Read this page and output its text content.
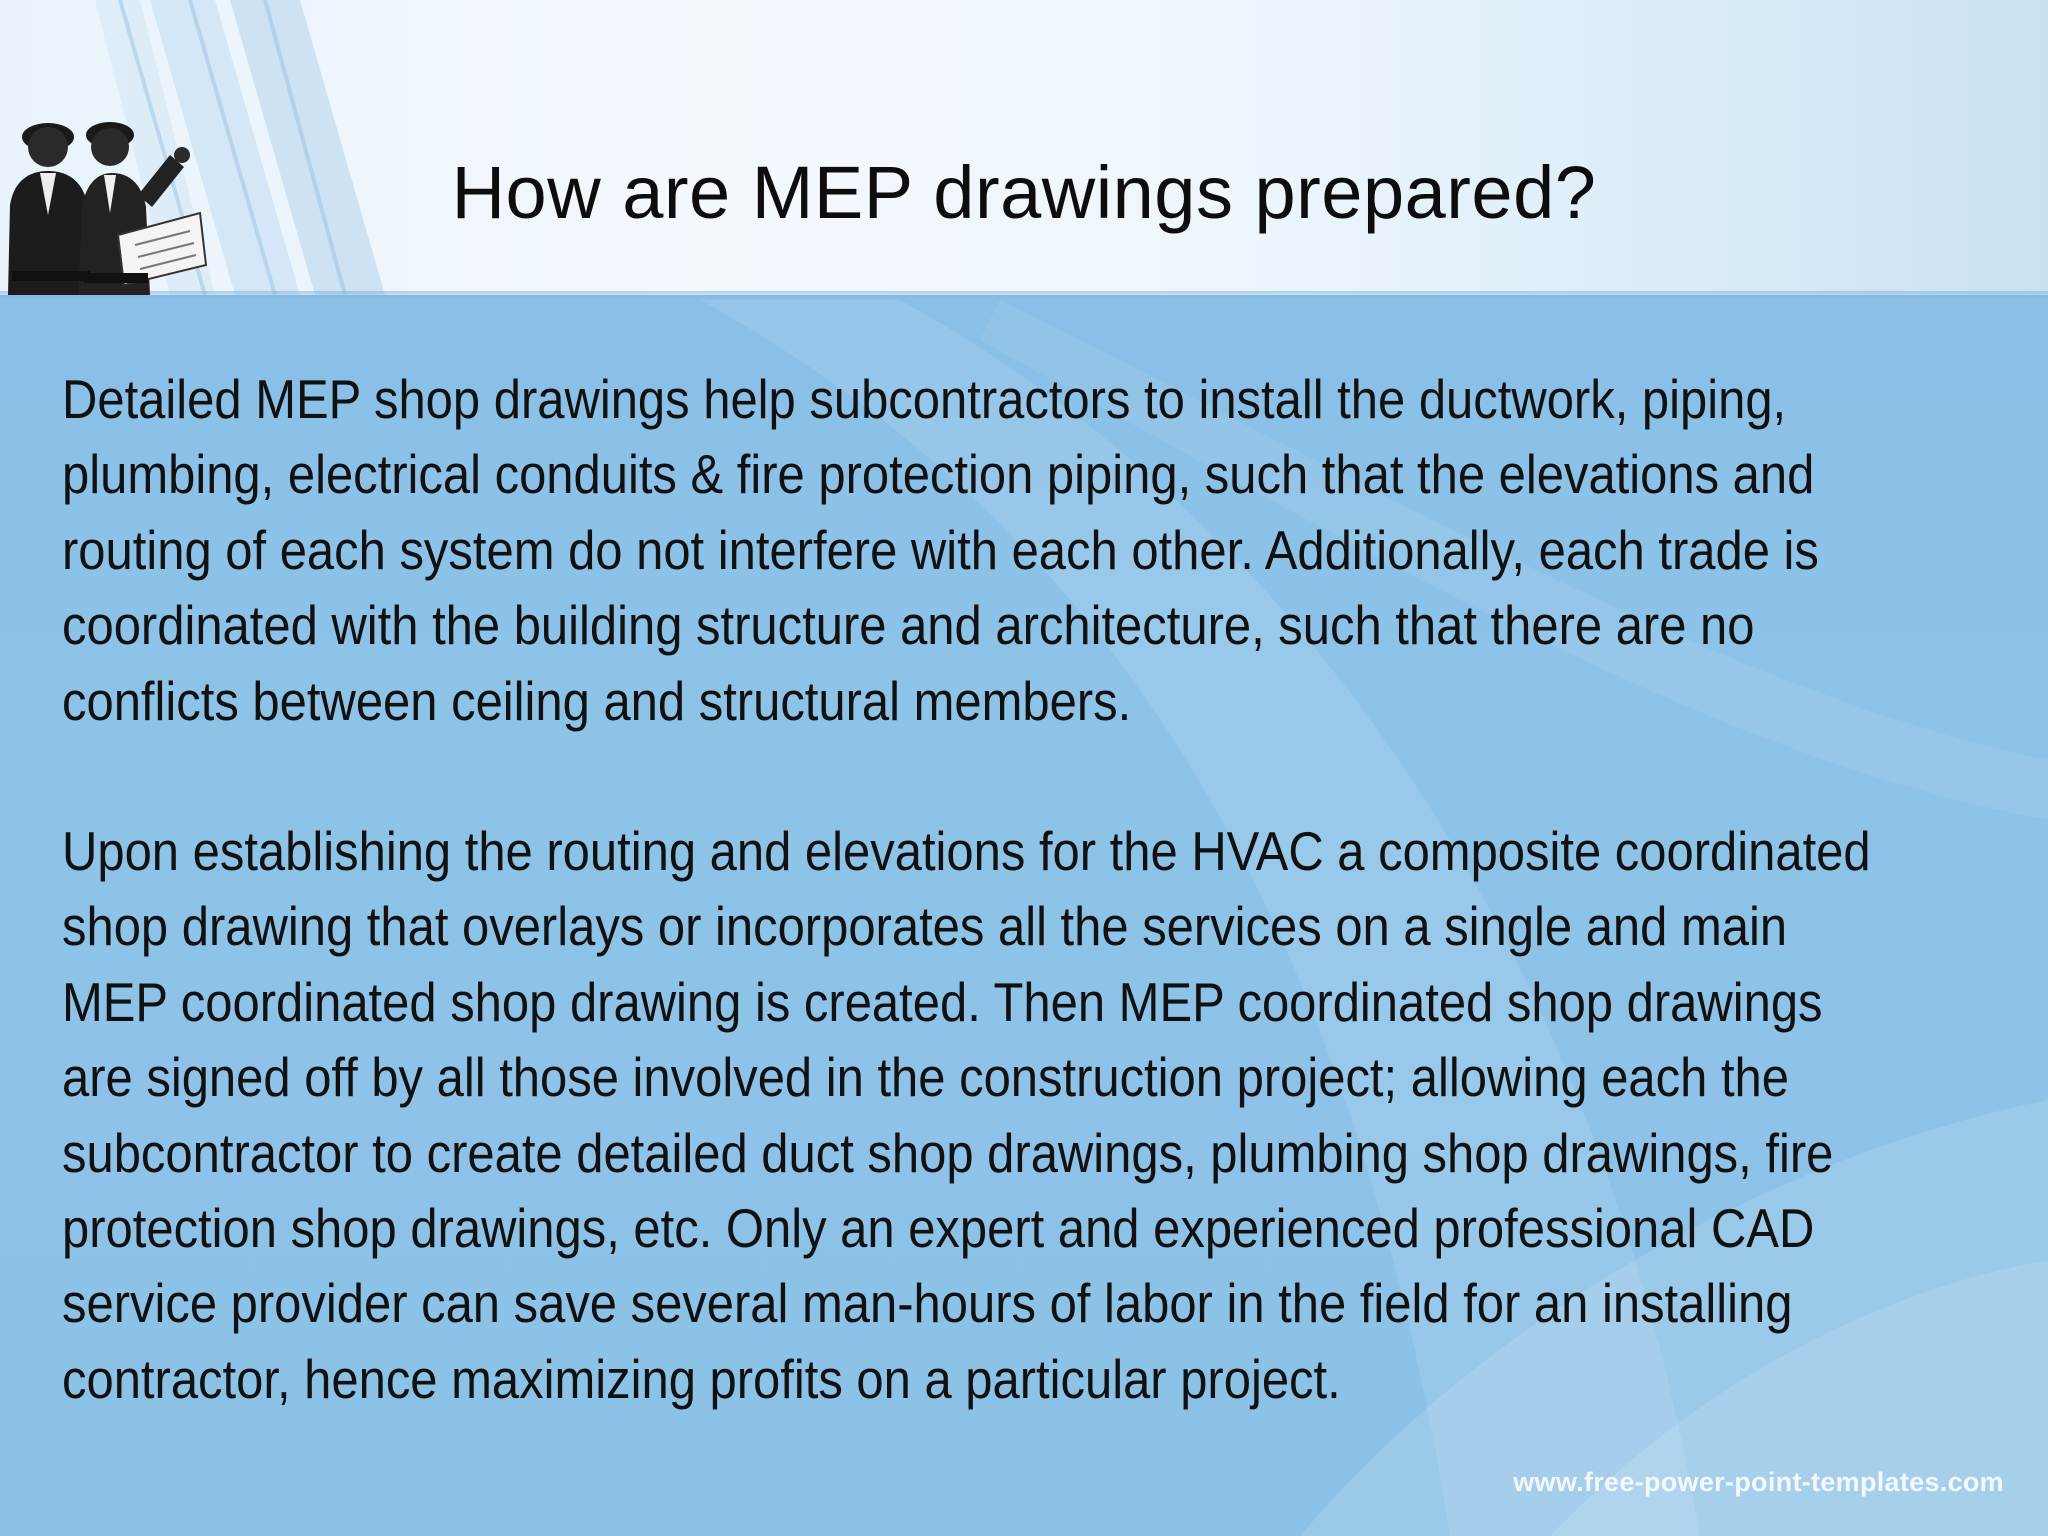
How are MEP drawings prepared?
Detailed MEP shop drawings help subcontractors to install the ductwork, piping,
plumbing, electrical conduits & fire protection piping, such that the elevations and
routing of each system do not interfere with each other. Additionally, each trade is
coordinated with the building structure and architecture, such that there are no
conflicts between ceiling and structural members.
Upon establishing the routing and elevations for the HVAC a composite coordinated
shop drawing that overlays or incorporates all the services on a single and main
MEP coordinated shop drawing is created. Then MEP coordinated shop drawings
are signed off by all those involved in the construction project; allowing each the
subcontractor to create detailed duct shop drawings, plumbing shop drawings, fire
protection shop drawings, etc. Only an expert and experienced professional CAD
service provider can save several man-hours of labor in the field for an installing
contractor, hence maximizing profits on a particular project.
www.free-power-point-templates.com
